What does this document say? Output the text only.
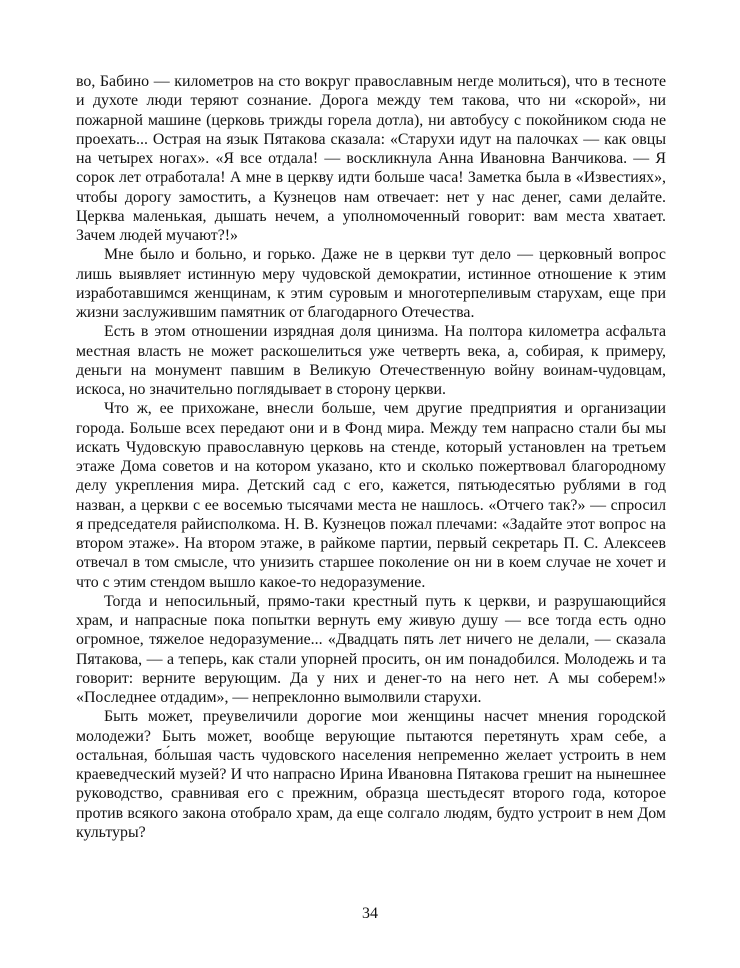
во, Бабино — километров на сто вокруг православным негде молиться), что в тесноте и духоте люди теряют сознание. Дорога между тем такова, что ни «скорой», ни пожарной машине (церковь трижды горела дотла), ни автобусу с покойником сюда не проехать... Острая на язык Пятакова сказала: «Старухи идут на палочках — как овцы на четырех ногах». «Я все отдала! — воскликнула Анна Ивановна Ванчикова. — Я сорок лет отработала! А мне в церкву идти больше часа! Заметка была в «Известиях», чтобы дорогу замостить, а Кузнецов нам отвечает: нет у нас денег, сами делайте. Церква маленькая, дышать нечем, а уполномоченный говорит: вам места хватает. Зачем людей мучают?!»

Мне было и больно, и горько. Даже не в церкви тут дело — церковный вопрос лишь выявляет истинную меру чудовской демократии, истинное отношение к этим изработавшимся женщинам, к этим суровым и многотерпеливым старухам, еще при жизни заслужившим памятник от благодарного Отечества.

Есть в этом отношении изрядная доля цинизма. На полтора километра асфальта местная власть не может раскошелиться уже четверть века, а, собирая, к примеру, деньги на монумент павшим в Великую Отечественную войну воинам-чудовцам, искоса, но значительно поглядывает в сторону церкви.

Что ж, ее прихожане, внесли больше, чем другие предприятия и организации города. Больше всех передают они и в Фонд мира. Между тем напрасно стали бы мы искать Чудовскую православную церковь на стенде, который установлен на третьем этаже Дома советов и на котором указано, кто и сколько пожертвовал благородному делу укрепления мира. Детский сад с его, кажется, пятьюдесятью рублями в год назван, а церкви с ее восемью тысячами места не нашлось. «Отчего так?» — спросил я председателя райисполкома. Н. В. Кузнецов пожал плечами: «Задайте этот вопрос на втором этаже». На втором этаже, в райкоме партии, первый секретарь П. С. Алексеев отвечал в том смысле, что унизить старшее поколение он ни в коем случае не хочет и что с этим стендом вышло какое-то недоразумение.

Тогда и непосильный, прямо-таки крестный путь к церкви, и разрушающийся храм, и напрасные пока попытки вернуть ему живую душу — все тогда есть одно огромное, тяжелое недоразумение... «Двадцать пять лет ничего не делали, — сказала Пятакова, — а теперь, как стали упорней просить, он им понадобился. Молодежь и та говорит: верните верующим. Да у них и денег-то на него нет. А мы соберем!» «Последнее отдадим», — непреклонно вымолвили старухи.

Быть может, преувеличили дорогие мои женщины насчет мнения городской молодежи? Быть может, вообще верующие пытаются перетянуть храм себе, а остальная, бо́льшая часть чудовского населения непременно желает устроить в нем краеведческий музей? И что напрасно Ирина Ивановна Пятакова грешит на нынешнее руководство, сравнивая его с прежним, образца шестьдесят второго года, которое против всякого закона отобрало храм, да еще солгало людям, будто устроит в нем Дом культуры?

34
